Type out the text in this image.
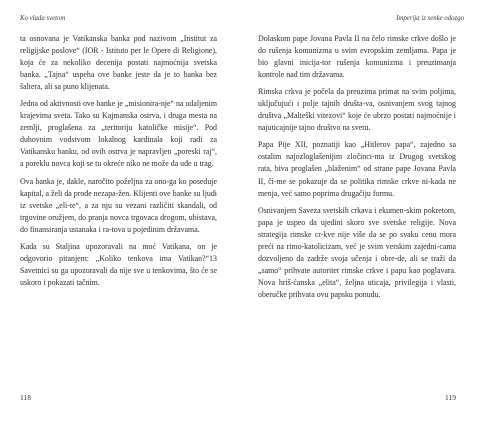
Ko vlada svetom

ta osnovana je Vatikanska banka pod nazivom „Institut za religijske poslove“ (IOR - Istituto per le Opere di Religione), koja će za nekoliko decenija postati najmoćnija svetska banka. „Tajna“ uspeha ove banke jeste da je to banka bez šaltera, ali sa puno klijenata.

Jedna od aktivnosti ove banke je „misionira-nje“ na udaljenim krajevima sveta. Tako su Kajmanska ostrva, i druga mesta na zemlji, proglašena za „teritoriju katoličke misije“. Pod duhovnim vodstvom lokalnog kardinala koji radi za Vatikansku banku, od ovih ostrva je napravljen „poreski raj“, a poreklu novca koji se tu okreće niko ne može da uđe u trag.

Ova banka je, dakle, naročito poželjna za ono-ga ko poseduje kapital, a želi da prođe nezapa-žen. Klijenti ove banke su ljudi iz svetske „eli-te“, a za nju su vezani različiti skandali, od trgovine oružjem, do pranja novca trgovaca drogom, ubistava, do finansiranja ustanaka i ra-tova u pojedinim državama.

Kada su Staljina upozoravali na moć Vatikana, on je odgovorio pitanjem: „Koliko tenkova ima Vatikan?“13 Savetnici su ga upozoravali da nije sve u tenkovima, što će se uskoro i pokazati tačnim.

118
Imperija iz senke odozgo

Dolaskom pape Jovana Pavla II na čelo rimske crkve došlo je do rušenja komunizma u svim evropskim zemljama. Papa je bio glavni inicija-tor rušenja komunizma i preuzimanja kontrole nad tim državama.

Rimska crkva je počela da preuzima primat na svim poljima, uključujući i polje tajnih društa-va, osnivanjem svog tajnog društva „Malteški vitezovi“ koje će ubrzo postati najmoćnije i najuticajnije tajno društvo na svetu.

Papa Pije XII, poznatiji kao „Hitlerov papa“, zajedno sa ostalim najozloglašenijim zločinci-ma iz Drugog svetskog rata, biva proglašen „blaženim“ od strane pape Jovana Pavla II, či-me se pokazuje da se politika rimske crkve ni-kada ne menja, već samo poprima drugačiju formu.

Osnivanjem Saveza svetskih crkava i ekumen-skim pokretom, papa je uspeo da ujedini skoro sve svetske religije. Nova strategija rimske cr-kve nije više da se po svaku cenu mora preći na rimo-katolicizam, već je svim verskim zajedni-cama dozvoljeno da zadrže svoja učenja i obre-de, ali se traži da „samo“ prihvate autoritet rimske crkve i papu kao poglavara. Nova hriš-ćanska „elita“, željna uticaja, privilegija i vlasti, oberučke prihvata ovu papsku ponudu.

119
